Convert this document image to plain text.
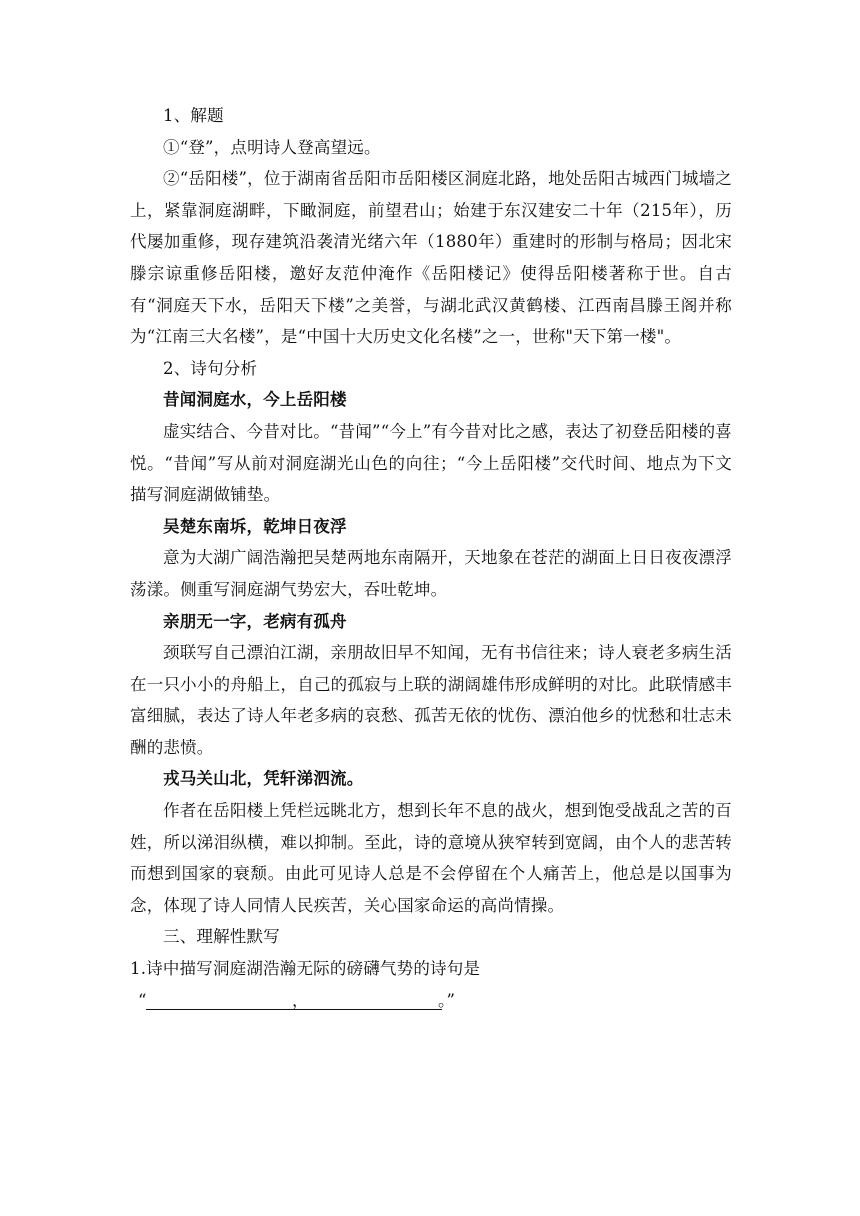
1、解题

①“登”，点明诗人登高望远。

②“岳阳楼”，位于湖南省岳阳市岳阳楼区洞庭北路，地处岳阳古城西门城墙之上，紧靠洞庭湖畔，下瞰洞庭，前望君山；始建于东汉建安二十年（215年），历代屡加重修，现存建筑沿袭清光绪六年（1880年）重建时的形制与格局；因北宋滕宗谅重修岳阳楼，邀好友范仲淹作《岳阳楼记》使得岳阳楼著称于世。自古有“洞庭天下水，岳阳天下楼”之美誉，与湖北武汉黄鹤楼、江西南昌滕王阁并称为“江南三大名楼”，是“中国十大历史文化名楼”之一，世称"天下第一楼"。

2、诗句分析

昔闻洞庭水，今上岳阳楼

虚实结合、今昔对比。“昔闻”“今上”有今昔对比之感，表达了初登岳阳楼的喜悦。“昔闻”写从前对洞庭湖光山色的向往；“今上岳阳楼”交代时间、地点为下文描写洞庭湖做铺垫。

吴楚东南坼，乾坤日夜浮

意为大湖广阔浩瀚把吴楚两地东南隔开，天地象在苍茫的湖面上日日夜夜漂浮荡漾。侧重写洞庭湖气势宏大，吞吐乾坤。

亲朋无一字，老病有孤舟

颈联写自己漂泊江湖，亲朋故旧早不知闻，无有书信往来；诗人衰老多病生活在一只小小的舟船上，自己的孤寂与上联的湖阔雄伟形成鲜明的对比。此联情感丰富细腻，表达了诗人年老多病的哀愁、孤苦无依的忧伤、漂泊他乡的忧愁和壮志未酬的悲愤。

戎马关山北，凭轩涕泗流。

作者在岳阳楼上凭栏远眺北方，想到长年不息的战火，想到饱受战乱之苦的百姓，所以涕泪纵横，难以抑制。至此，诗的意境从狭窄转到宽阔，由个人的悲苦转而想到国家的衰颓。由此可见诗人总是不会停留在个人痛苦上，他总是以国事为念，体现了诗人同情人民疾苦，关心国家命运的高尚情操。

三、理解性默写

1.诗中描写洞庭湖浩瀚无际的磅礴气势的诗句是

“	，	。”
